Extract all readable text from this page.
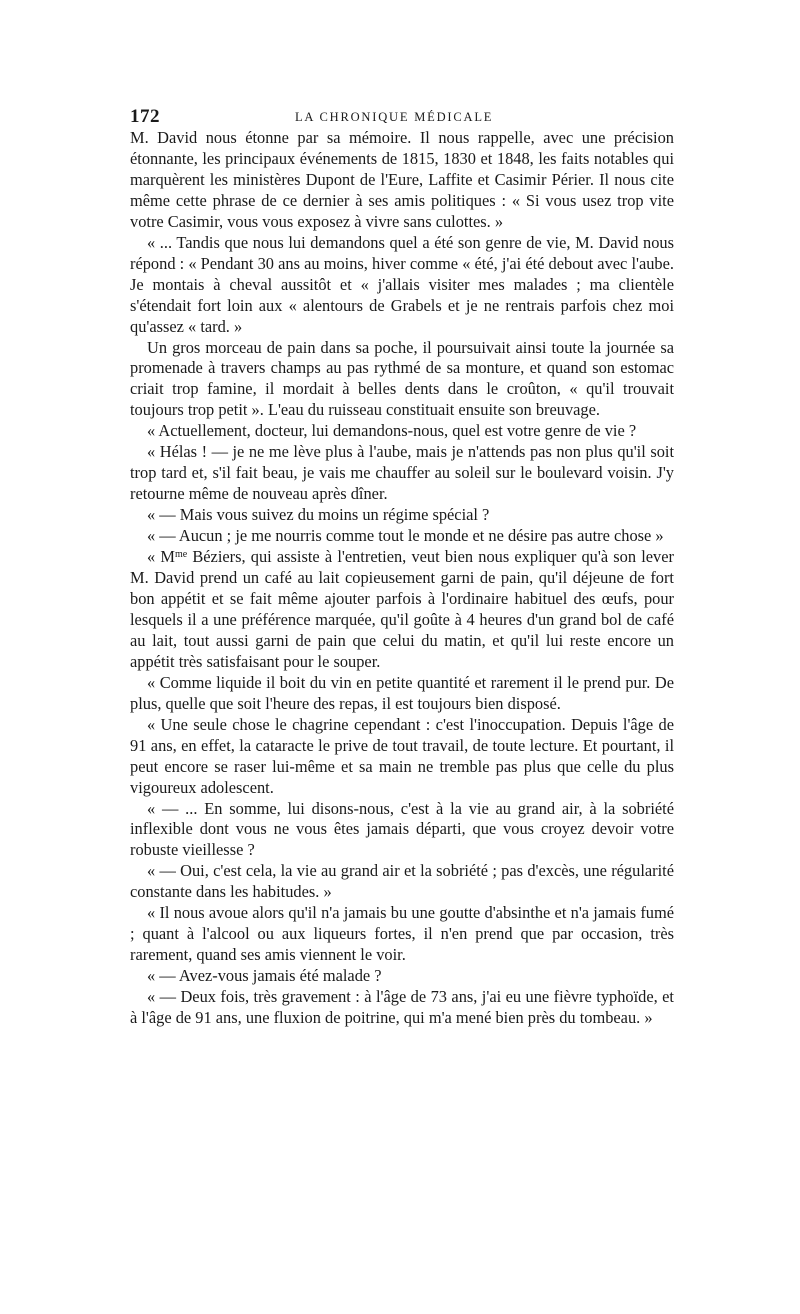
172	LA CHRONIQUE MÉDICALE

M. David nous étonne par sa mémoire. Il nous rappelle, avec une précision étonnante, les principaux événements de 1815, 1830 et 1848, les faits notables qui marquèrent les ministères Dupont de l'Eure, Laffite et Casimir Périer. Il nous cite même cette phrase de ce dernier à ses amis politiques : « Si vous usez trop vite votre Casimir, vous vous exposez à vivre sans culottes. »

« ... Tandis que nous lui demandons quel a été son genre de vie, M. David nous répond : « Pendant 30 ans au moins, hiver comme « été, j'ai été debout avec l'aube. Je montais à cheval aussitôt et « j'allais visiter mes malades ; ma clientèle s'étendait fort loin aux « alentours de Grabels et je ne rentrais parfois chez moi qu'assez « tard. »

Un gros morceau de pain dans sa poche, il poursuivait ainsi toute la journée sa promenade à travers champs au pas rythmé de sa monture, et quand son estomac criait trop famine, il mordait à belles dents dans le croûton, « qu'il trouvait toujours trop petit ». L'eau du ruisseau constituait ensuite son breuvage.

« Actuellement, docteur, lui demandons-nous, quel est votre genre de vie ?

« Hélas ! — je ne me lève plus à l'aube, mais je n'attends pas non plus qu'il soit trop tard et, s'il fait beau, je vais me chauffer au soleil sur le boulevard voisin. J'y retourne même de nouveau après dîner.

« — Mais vous suivez du moins un régime spécial ?

« — Aucun ; je me nourris comme tout le monde et ne désire pas autre chose »

« $M^{me}$ Béziers, qui assiste à l'entretien, veut bien nous expliquer qu'à son lever M. David prend un café au lait copieusement garni de pain, qu'il déjeune de fort bon appétit et se fait même ajouter parfois à l'ordinaire habituel des œufs, pour lesquels il a une préférence marquée, qu'il goûte à 4 heures d'un grand bol de café au lait, tout aussi garni de pain que celui du matin, et qu'il lui reste encore un appétit très satisfaisant pour le souper.

« Comme liquide il boit du vin en petite quantité et rarement il le prend pur. De plus, quelle que soit l'heure des repas, il est toujours bien disposé.

« Une seule chose le chagrine cependant : c'est l'inoccupation. Depuis l'âge de 91 ans, en effet, la cataracte le prive de tout travail, de toute lecture. Et pourtant, il peut encore se raser lui-même et sa main ne tremble pas plus que celle du plus vigoureux adolescent.

« — ... En somme, lui disons-nous, c'est à la vie au grand air, à la sobriété inflexible dont vous ne vous êtes jamais départi, que vous croyez devoir votre robuste vieillesse ?

« — Oui, c'est cela, la vie au grand air et la sobriété ; pas d'excès, une régularité constante dans les habitudes. »

« Il nous avoue alors qu'il n'a jamais bu une goutte d'absinthe et n'a jamais fumé ; quant à l'alcool ou aux liqueurs fortes, il n'en prend que par occasion, très rarement, quand ses amis viennent le voir.

« — Avez-vous jamais été malade ?

« — Deux fois, très gravement : à l'âge de 73 ans, j'ai eu une fièvre typhoïde, et à l'âge de 91 ans, une fluxion de poitrine, qui m'a mené bien près du tombeau. »
